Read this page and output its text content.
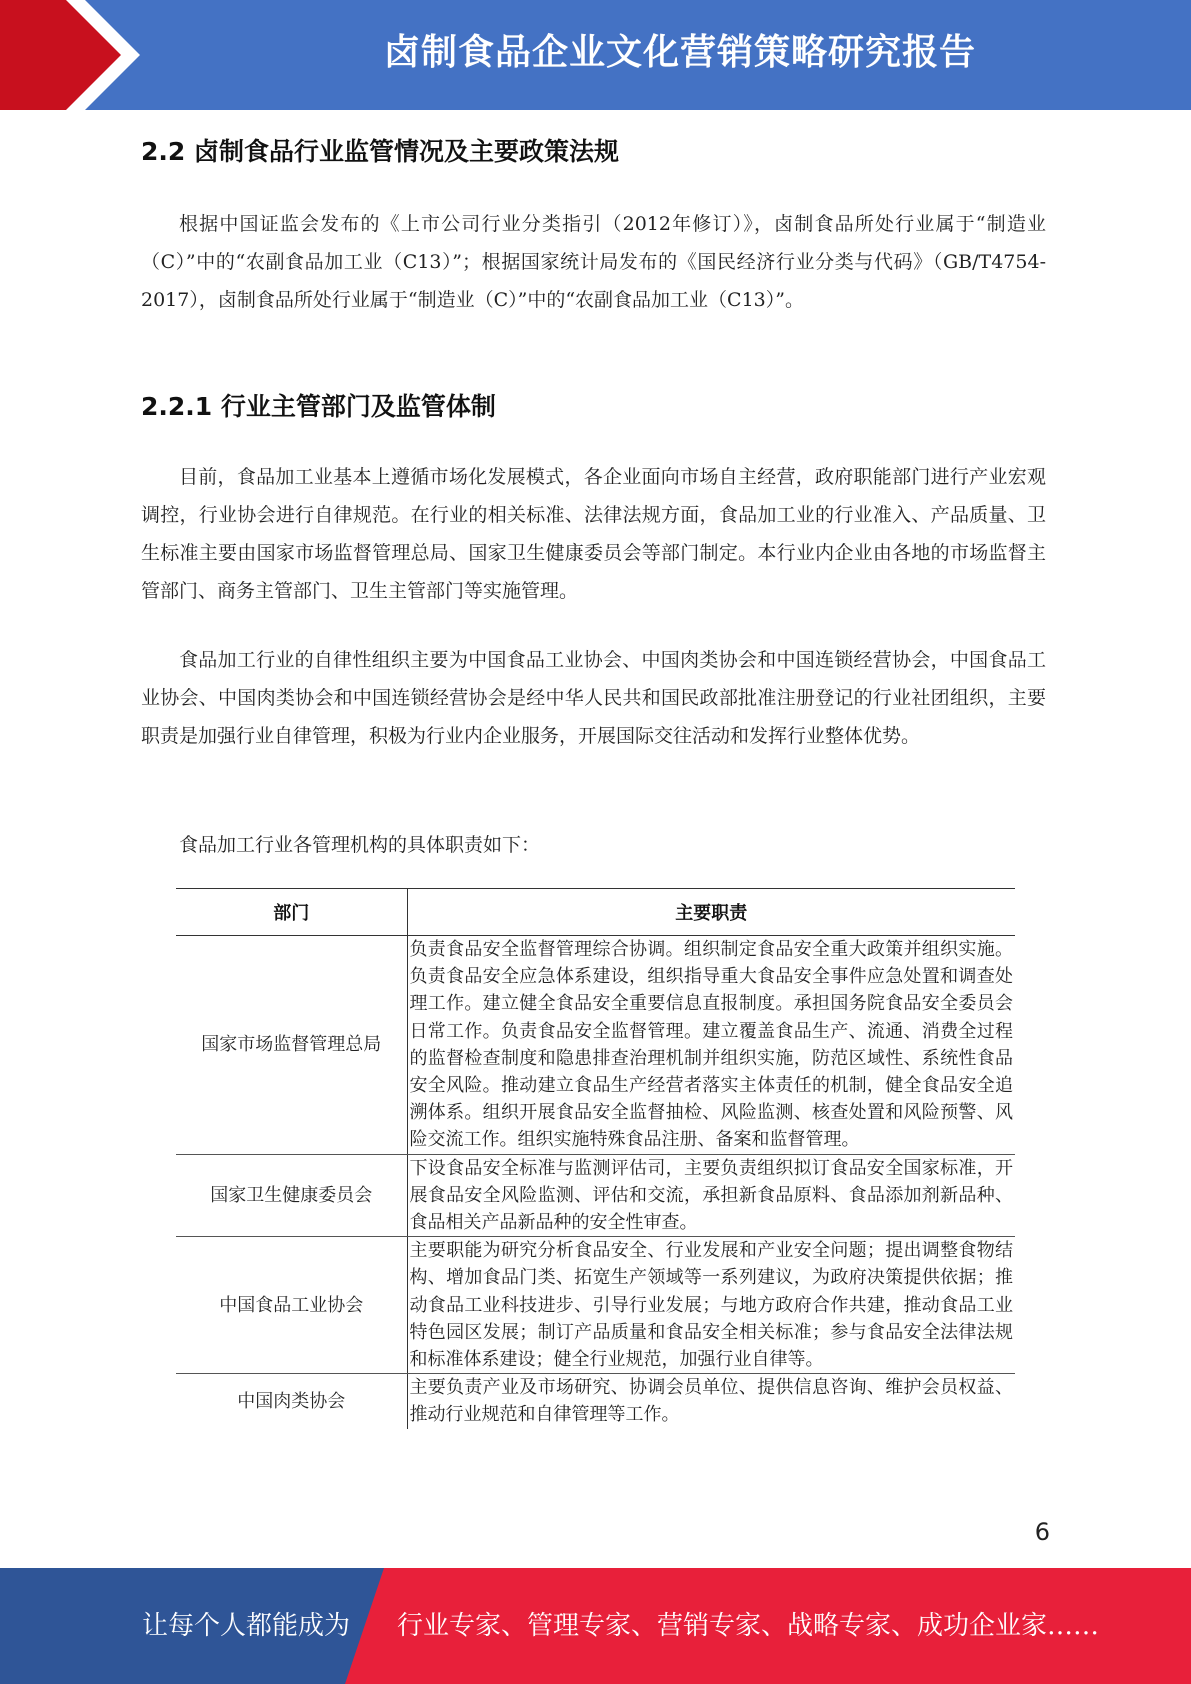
卤制食品企业文化营销策略研究报告
2.2 卤制食品行业监管情况及主要政策法规
根据中国证监会发布的《上市公司行业分类指引（2012年修订）》，卤制食品所处行业属于“制造业（C）”中的“农副食品加工业（C13）”；根据国家统计局发布的《国民经济行业分类与代码》（GB/T4754-2017），卤制食品所处行业属于“制造业（C）”中的“农副食品加工业（C13）”。
2.2.1 行业主管部门及监管体制
目前，食品加工业基本上遵循市场化发展模式，各企业面向市场自主经营，政府职能部门进行产业宏观调控，行业协会进行自律规范。在行业的相关标准、法律法规方面，食品加工业的行业准入、产品质量、卫生标准主要由国家市场监督管理总局、国家卫生健康委员会等部门制定。本行业内企业由各地的市场监督主管部门、商务主管部门、卫生主管部门等实施管理。
食品加工行业的自律性组织主要为中国食品工业协会、中国肉类协会和中国连锁经营协会，中国食品工业协会、中国肉类协会和中国连锁经营协会是经中华人民共和国民政部批准注册登记的行业社团组织，主要职责是加强行业自律管理，积极为行业内企业服务，开展国际交往活动和发挥行业整体优势。
食品加工行业各管理机构的具体职责如下：
部门	主要职责
国家市场监督管理总局	负责食品安全监督管理综合协调。组织制定食品安全重大政策并组织实施。负责食品安全应急体系建设，组织指导重大食品安全事件应急处置和调查处理工作。建立健全食品安全重要信息直报制度。承担国务院食品安全委员会日常工作。负责食品安全监督管理。建立覆盖食品生产、流通、消费全过程的监督检查制度和隐患排查治理机制并组织实施，防范区域性、系统性食品安全风险。推动建立食品生产经营者落实主体责任的机制，健全食品安全追溯体系。组织开展食品安全监督抽检、风险监测、核查处置和风险预警、风险交流工作。组织实施特殊食品注册、备案和监督管理。
国家卫生健康委员会	下设食品安全标准与监测评估司，主要负责组织拟订食品安全国家标准，开展食品安全风险监测、评估和交流，承担新食品原料、食品添加剂新品种、食品相关产品新品种的安全性审查。
中国食品工业协会	主要职能为研究分析食品安全、行业发展和产业安全问题；提出调整食物结构、增加食品门类、拓宽生产领域等一系列建议，为政府决策提供依据；推动食品工业科技进步、引导行业发展；与地方政府合作共建，推动食品工业特色园区发展；制订产品质量和食品安全相关标准；参与食品安全法律法规和标准体系建设；健全行业规范，加强行业自律等。
中国肉类协会	主要负责产业及市场研究、协调会员单位、提供信息咨询、维护会员权益、推动行业规范和自律管理等工作。
6
让每个人都能成为 行业专家、管理专家、营销专家、战略专家、成功企业家……
